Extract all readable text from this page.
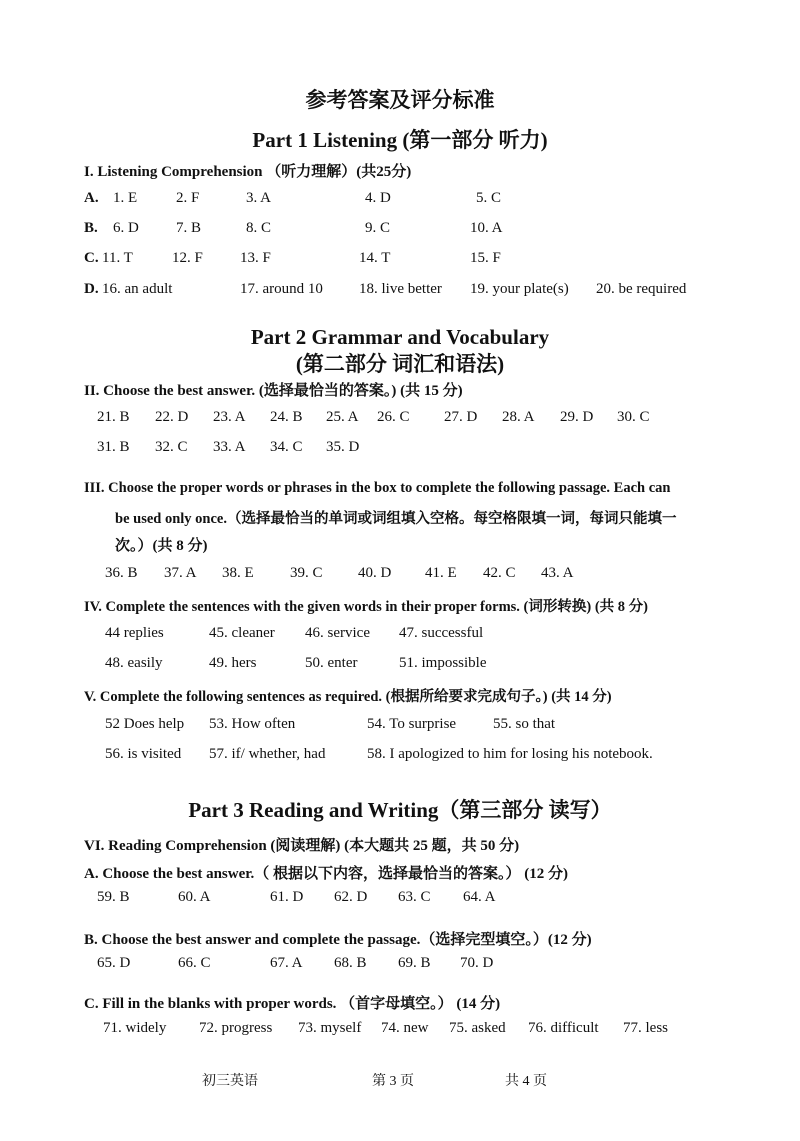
参考答案及评分标准
Part 1 Listening (第一部分 听力)
I. Listening Comprehension （听力理解）(共25分)
A. 1. E	2. F	3. A	4. D	5. C
B. 6. D 7. B	8. C	9. C	10. A
C. 11. T	12. F 13. F	14. T	15. F
D. 16. an adult	17. around 10 18. live better 19. your plate(s) 20. be required
Part 2 Grammar and Vocabulary
(第二部分 词汇和语法)
II. Choose the best answer. (选择最恰当的答案。) (共 15 分)
21. B 22. D 23. A 24. B 25. A 26. C 27. D 28. A 29. D 30. C
31. B 32. C 33. A 34. C 35. D
III. Choose the proper words or phrases in the box to complete the following passage. Each can
be used only once.（选择最恰当的单词或词组填入空格。每空格限填一词，每词只能填一
次。）(共 8 分)
36. B 37. A 38. E 39. C 40. D 41. E 42. C 43. A
IV. Complete the sentences with the given words in their proper forms. (词形转换) (共 8 分)
44 replies	45. cleaner 46. service 47. successful
48. easily	49. hers	50. enter	51. impossible
V. Complete the following sentences as required. (根据所给要求完成句子。) (共 14 分)
52 Does help 53. How often	54. To surprise 55. so that
56. is visited 57. if/ whether, had	58. I apologized to him for losing his notebook.
Part 3 Reading and Writing（第三部分 读写）
VI. Reading Comprehension (阅读理解) (本大题共 25 题，共 50 分)
A. Choose the best answer.（ 根据以下内容，选择最恰当的答案。） (12 分)
59. B	60. A	61. D 62. D 63. C 64. A
B. Choose the best answer and complete the passage.（选择完型填空。）(12 分)
65. D	66. C	67. A 68. B 69. B 70. D
C. Fill in the blanks with proper words. （首字母填空。） (14 分)
71. widely 72. progress 73. myself 74. new 75. asked 76. difficult 77. less
初三英语	第 3 页	共 4 页
